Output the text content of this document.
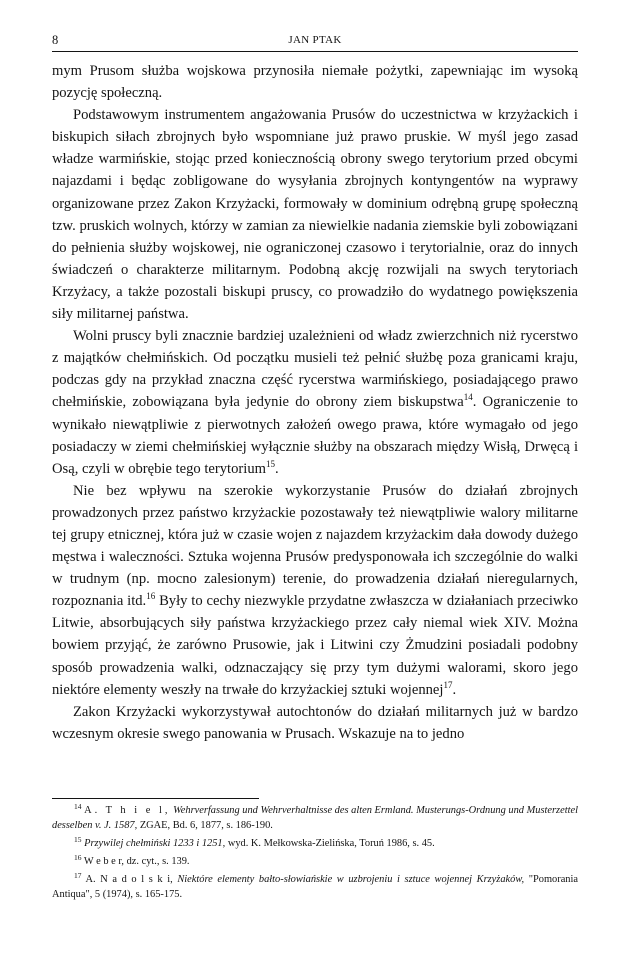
8	JAN PTAK

mym Prusom służba wojskowa przynosiła niemałe pożytki, zapewniając im wysoką pozycję społeczną.

Podstawowym instrumentem angażowania Prusów do uczestnictwa w krzyżackich i biskupich siłach zbrojnych było wspomniane już prawo pruskie. W myśl jego zasad władze warmińskie, stojąc przed koniecznością obrony swego terytorium przed obcymi najazdami i będąc zobligowane do wysyłania zbrojnych kontyngentów na wyprawy organizowane przez Zakon Krzyżacki, formowały w dominium odrębną grupę społeczną tzw. pruskich wolnych, którzy w zamian za niewielkie nadania ziemskie byli zobowiązani do pełnienia służby wojskowej, nie ograniczonej czasowo i terytorialnie, oraz do innych świadczeń o charakterze militarnym. Podobną akcję rozwijali na swych terytoriach Krzyżacy, a także pozostali biskupi pruscy, co prowadziło do wydatnego powiększenia siły militarnej państwa.

Wolni pruscy byli znacznie bardziej uzależnieni od władz zwierzchnich niż rycerstwo z majątków chełmińskich. Od początku musieli też pełnić służbę poza granicami kraju, podczas gdy na przykład znaczna część rycerstwa warmińskiego, posiadającego prawo chełmińskie, zobowiązana była jedynie do obrony ziem biskupstwa$^{14}$. Ograniczenie to wynikało niewątpliwie z pierwotnych założeń owego prawa, które wymagało od jego posiadaczy w ziemi chełmińskiej wyłącznie służby na obszarach między Wisłą, Drwęcą i Osą, czyli w obrębie tego terytorium$^{15}$.

Nie bez wpływu na szerokie wykorzystanie Prusów do działań zbrojnych prowadzonych przez państwo krzyżackie pozostawały też niewątpliwie walory militarne tej grupy etnicznej, która już w czasie wojen z najazdem krzyżackim dała dowody dużego męstwa i waleczności. Sztuka wojenna Prusów predysponowała ich szczególnie do walki w trudnym (np. mocno zalesionym) terenie, do prowadzenia działań nieregularnych, rozpoznania itd.$^{16}$ Były to cechy niezwykle przydatne zwłaszcza w działaniach przeciwko Litwie, absorbujących siły państwa krzyżackiego przez cały niemal wiek XIV. Można bowiem przyjąć, że zarówno Prusowie, jak i Litwini czy Żmudzini posiadali podobny sposób prowadzenia walki, odznaczający się przy tym dużymi walorami, skoro jego niektóre elementy weszły na trwałe do krzyżackiej sztuki wojennej$^{17}$.

Zakon Krzyżacki wykorzystywał autochtonów do działań militarnych już w bardzo wczesnym okresie swego panowania w Prusach. Wskazuje na to jedno

$^{14}$ A. T h i e l, Wehrverfassung und Wehrverhaltnisse des alten Ermland. Musterungs-Ordnung und Musterzettel desselben v. J. 1587, ZGAE, Bd. 6, 1877, s. 186-190.

$^{15}$ Przywilej chełmiński 1233 i 1251, wyd. K. Mełkowska-Zielińska, Toruń 1986, s. 45.

$^{16}$ W e b e r, dz. cyt., s. 139.

$^{17}$ A. N a d o l s k i, Niektóre elementy bałto-słowiańskie w uzbrojeniu i sztuce wojennej Krzyżaków, "Pomorania Antiqua", 5 (1974), s. 165-175.
